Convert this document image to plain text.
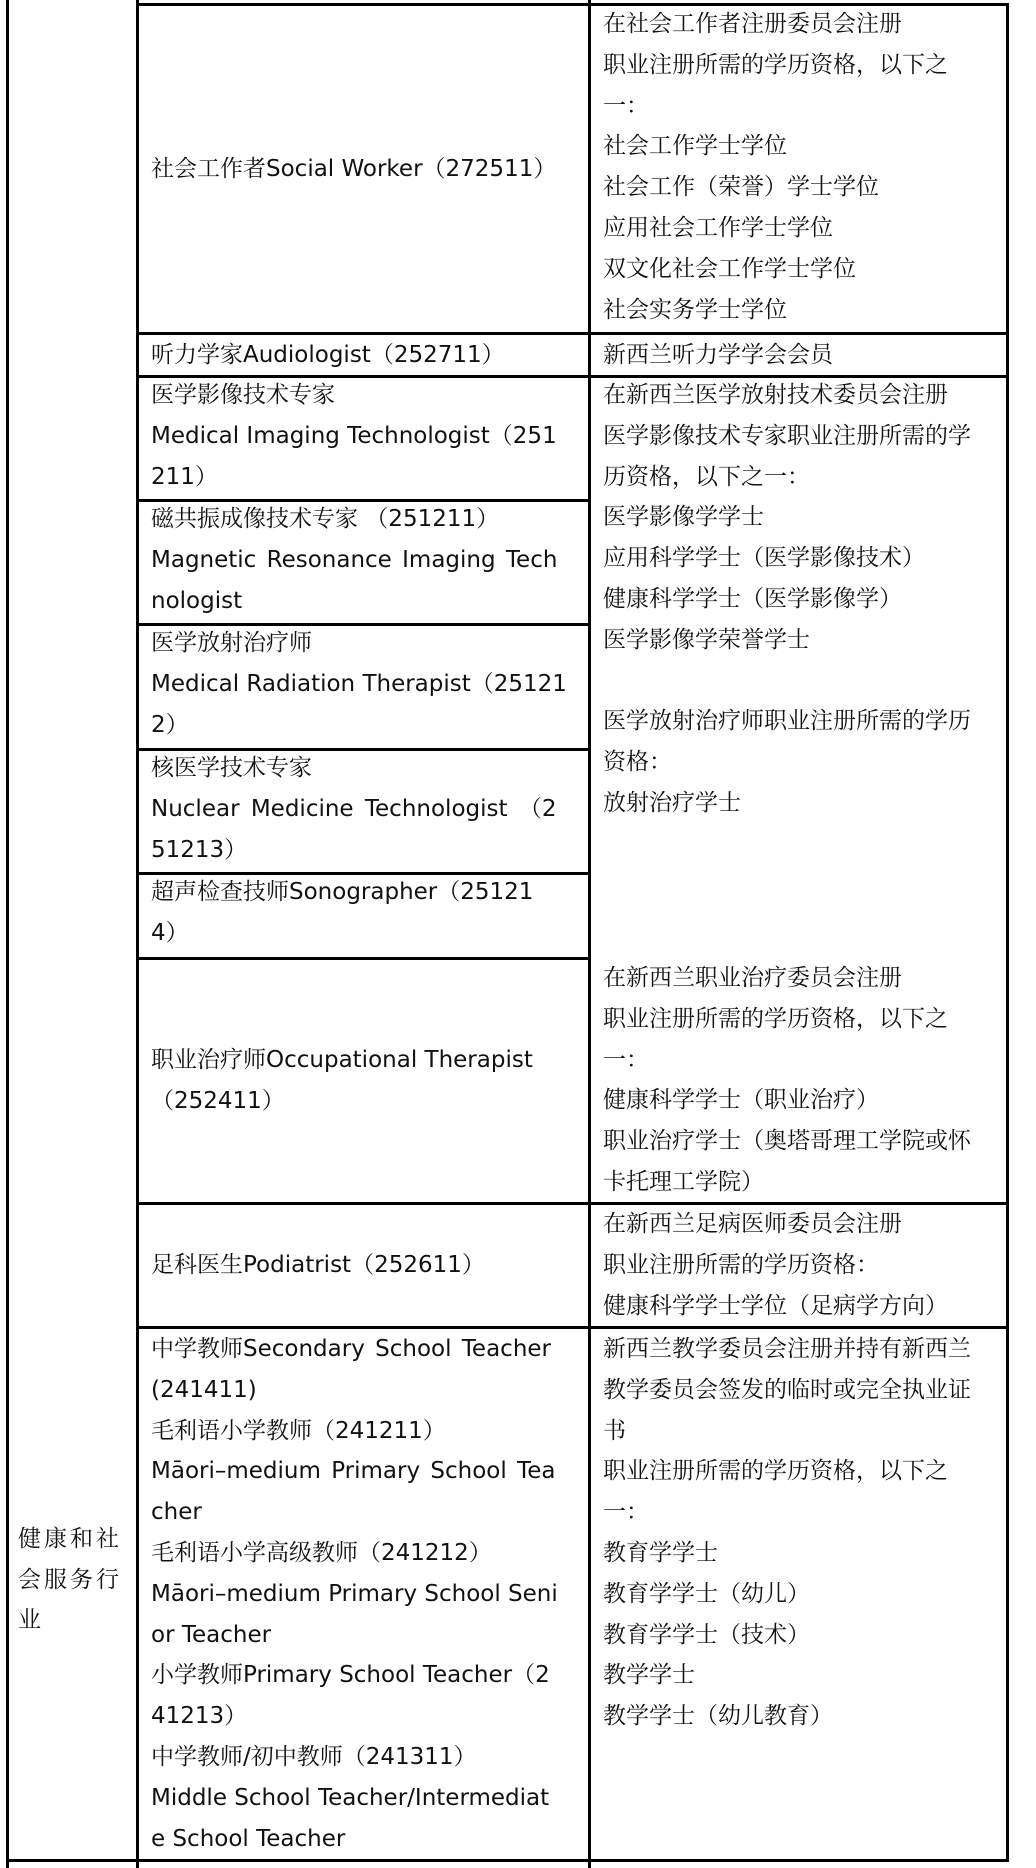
健康和社
会服务行
业
社会工作者Social Worker（272511）
在社会工作者注册委员会注册
职业注册所需的学历资格，以下之
一：
社会工作学士学位
社会工作（荣誉）学士学位
应用社会工作学士学位
双文化社会工作学士学位
社会实务学士学位
听力学家Audiologist（252711）	新西兰听力学学会会员
医学影像技术专家
Medical Imaging Technologist（251
211）
磁共振成像技术专家 （251211）
Magnetic Resonance Imaging Tech
nologist
医学放射治疗师
Medical Radiation Therapist（25121
2）
核医学技术专家
Nuclear Medicine Technologist （2
51213）
超声检查技师Sonographer（25121
4）
在新西兰医学放射技术委员会注册
医学影像技术专家职业注册所需的学
历资格，以下之一：
医学影像学学士
应用科学学士（医学影像技术）
健康科学学士（医学影像学）
医学影像学荣誉学士
医学放射治疗师职业注册所需的学历
资格：
放射治疗学士
职业治疗师Occupational Therapist
（252411）
在新西兰职业治疗委员会注册
职业注册所需的学历资格，以下之
一：
健康科学学士（职业治疗）
职业治疗学士（奥塔哥理工学院或怀
卡托理工学院）
足科医生Podiatrist（252611）
在新西兰足病医师委员会注册
职业注册所需的学历资格：
健康科学学士学位（足病学方向）
中学教师Secondary School Teacher
(241411)
毛利语小学教师（241211）
Māori–medium Primary School Tea
cher
毛利语小学高级教师（241212）
Māori–medium Primary School Seni
or Teacher
小学教师Primary School Teacher（2
41213）
中学教师/初中教师（241311）
Middle School Teacher/Intermediat
e School Teacher
新西兰教学委员会注册并持有新西兰
教学委员会签发的临时或完全执业证
书
职业注册所需的学历资格，以下之
一：
教育学学士
教育学学士（幼儿）
教育学学士（技术）
教学学士
教学学士（幼儿教育）
